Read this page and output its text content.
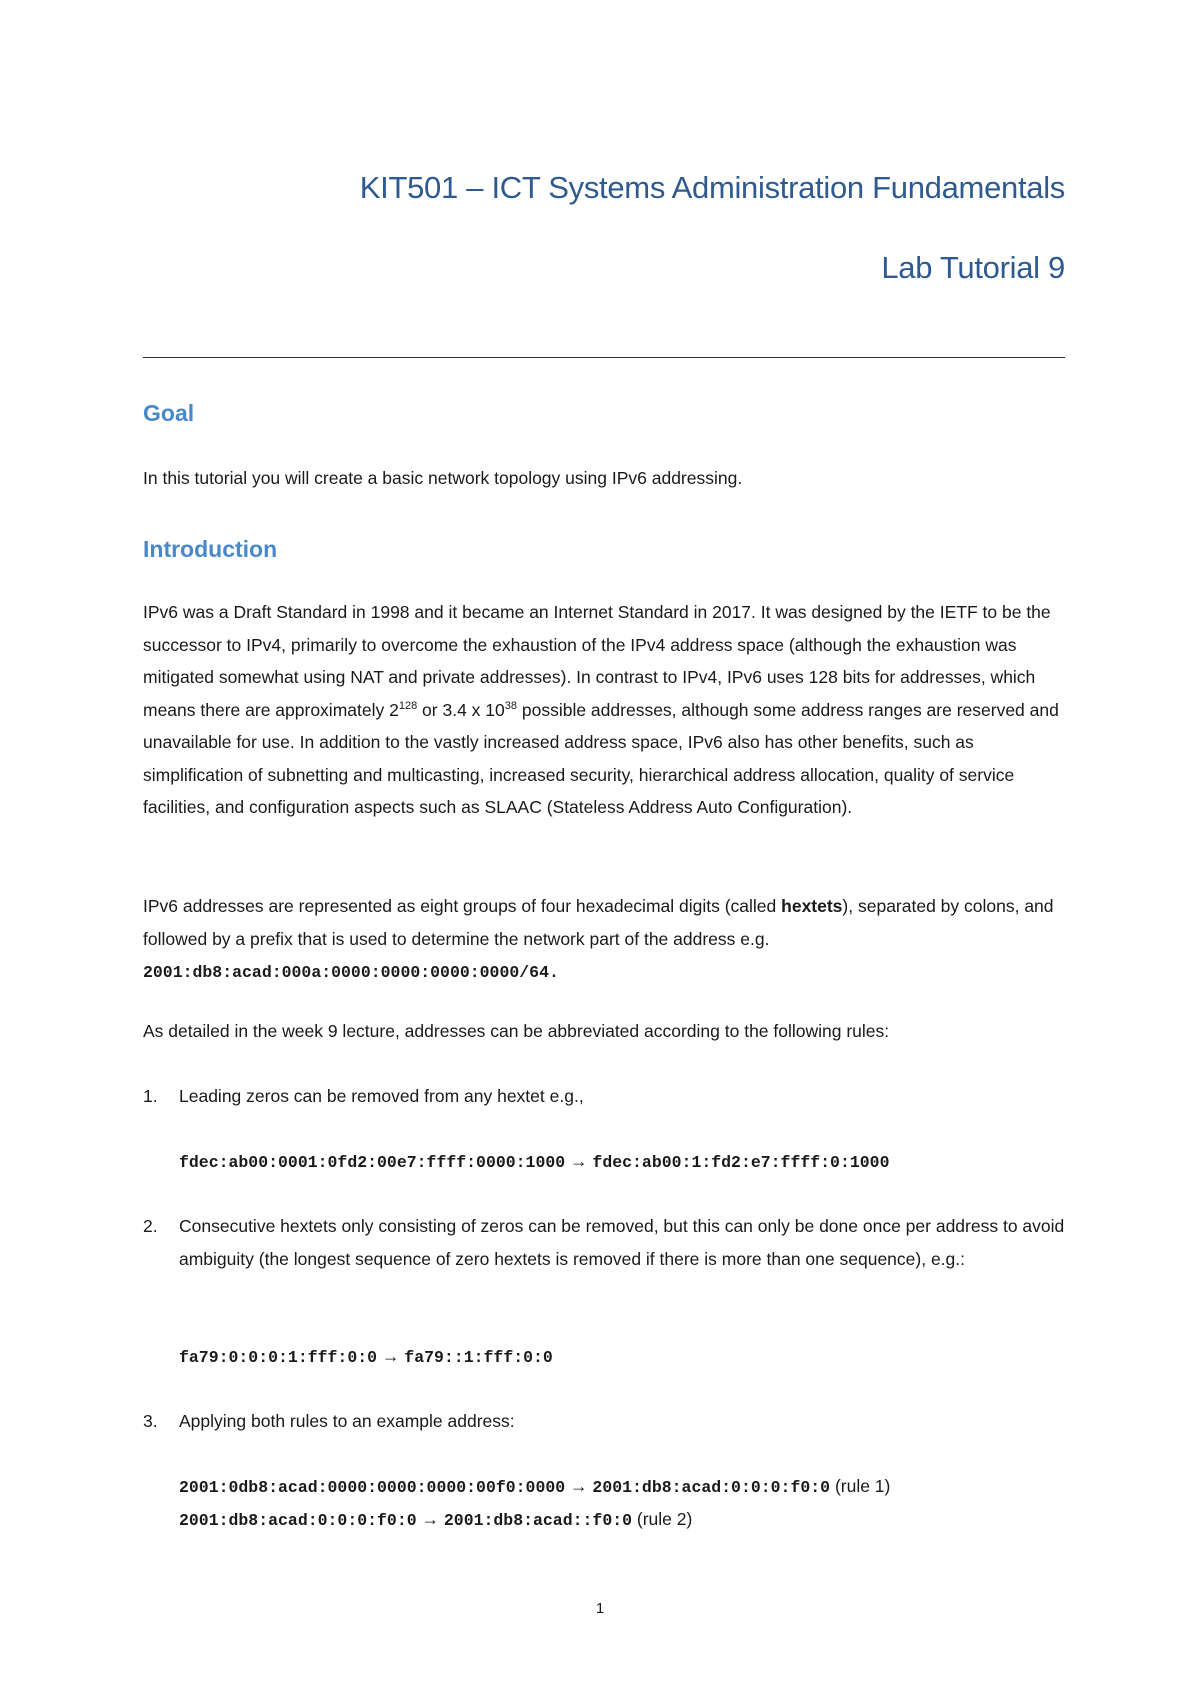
KIT501 – ICT Systems Administration Fundamentals
Lab Tutorial 9
Goal

In this tutorial you will create a basic network topology using IPv6 addressing.

Introduction

IPv6 was a Draft Standard in 1998 and it became an Internet Standard in 2017. It was designed by the IETF to be the successor to IPv4, primarily to overcome the exhaustion of the IPv4 address space (although the exhaustion was mitigated somewhat using NAT and private addresses). In contrast to IPv4, IPv6 uses 128 bits for addresses, which means there are approximately $2^{128}$ or 3.4 x $10^{38}$ possible addresses, although some address ranges are reserved and unavailable for use. In addition to the vastly increased address space, IPv6 also has other benefits, such as simplification of subnetting and multicasting, increased security, hierarchical address allocation, quality of service facilities, and configuration aspects such as SLAAC (Stateless Address Auto Configuration).

IPv6 addresses are represented as eight groups of four hexadecimal digits (called hextets), separated by colons, and followed by a prefix that is used to determine the network part of the address e.g. 2001:db8:acad:000a:0000:0000:0000:0000/64.

As detailed in the week 9 lecture, addresses can be abbreviated according to the following rules:

1. Leading zeros can be removed from any hextet e.g.,

fdec:ab00:0001:0fd2:00e7:ffff:0000:1000 → fdec:ab00:1:fd2:e7:ffff:0:1000

2. Consecutive hextets only consisting of zeros can be removed, but this can only be done once per address to avoid ambiguity (the longest sequence of zero hextets is removed if there is more than one sequence), e.g.:

fa79:0:0:0:1:fff:0:0 → fa79::1:fff:0:0

3. Applying both rules to an example address:

2001:0db8:acad:0000:0000:0000:00f0:0000 → 2001:db8:acad:0:0:0:f0:0 (rule 1)

2001:db8:acad:0:0:0:f0:0 → 2001:db8:acad::f0:0 (rule 2)

1
